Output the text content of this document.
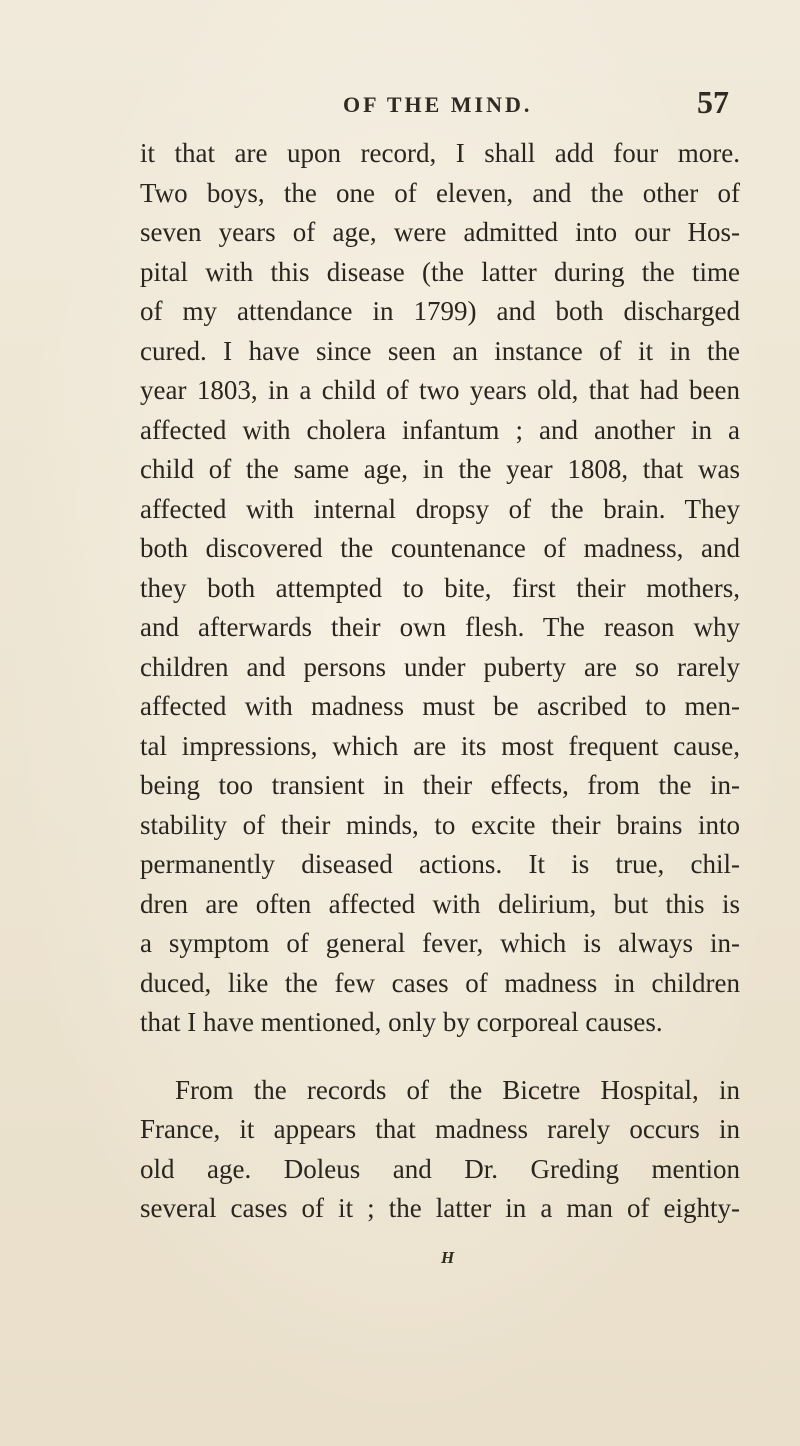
OF THE MIND.	57
it that are upon record, I shall add four more.
Two boys, the one of eleven, and the other of
seven years of age, were admitted into our Hos-
pital with this disease (the latter during the time
of my attendance in 1799) and both discharged
cured. I have since seen an instance of it in the
year 1803, in a child of two years old, that had been
affected with cholera infantum ; and another in a
child of the same age, in the year 1808, that was
affected with internal dropsy of the brain. They
both discovered the countenance of madness, and
they both attempted to bite, first their mothers,
and afterwards their own flesh. The reason why
children and persons under puberty are so rarely
affected with madness must be ascribed to men-
tal impressions, which are its most frequent cause,
being too transient in their effects, from the in-
stability of their minds, to excite their brains into
permanently diseased actions. It is true, chil-
dren are often affected with delirium, but this is
a symptom of general fever, which is always in-
duced, like the few cases of madness in children
that I have mentioned, only by corporeal causes.
From the records of the Bicetre Hospital, in
France, it appears that madness rarely occurs in
old age. Doleus and Dr. Greding mention
several cases of it ; the latter in a man of eighty-
H
